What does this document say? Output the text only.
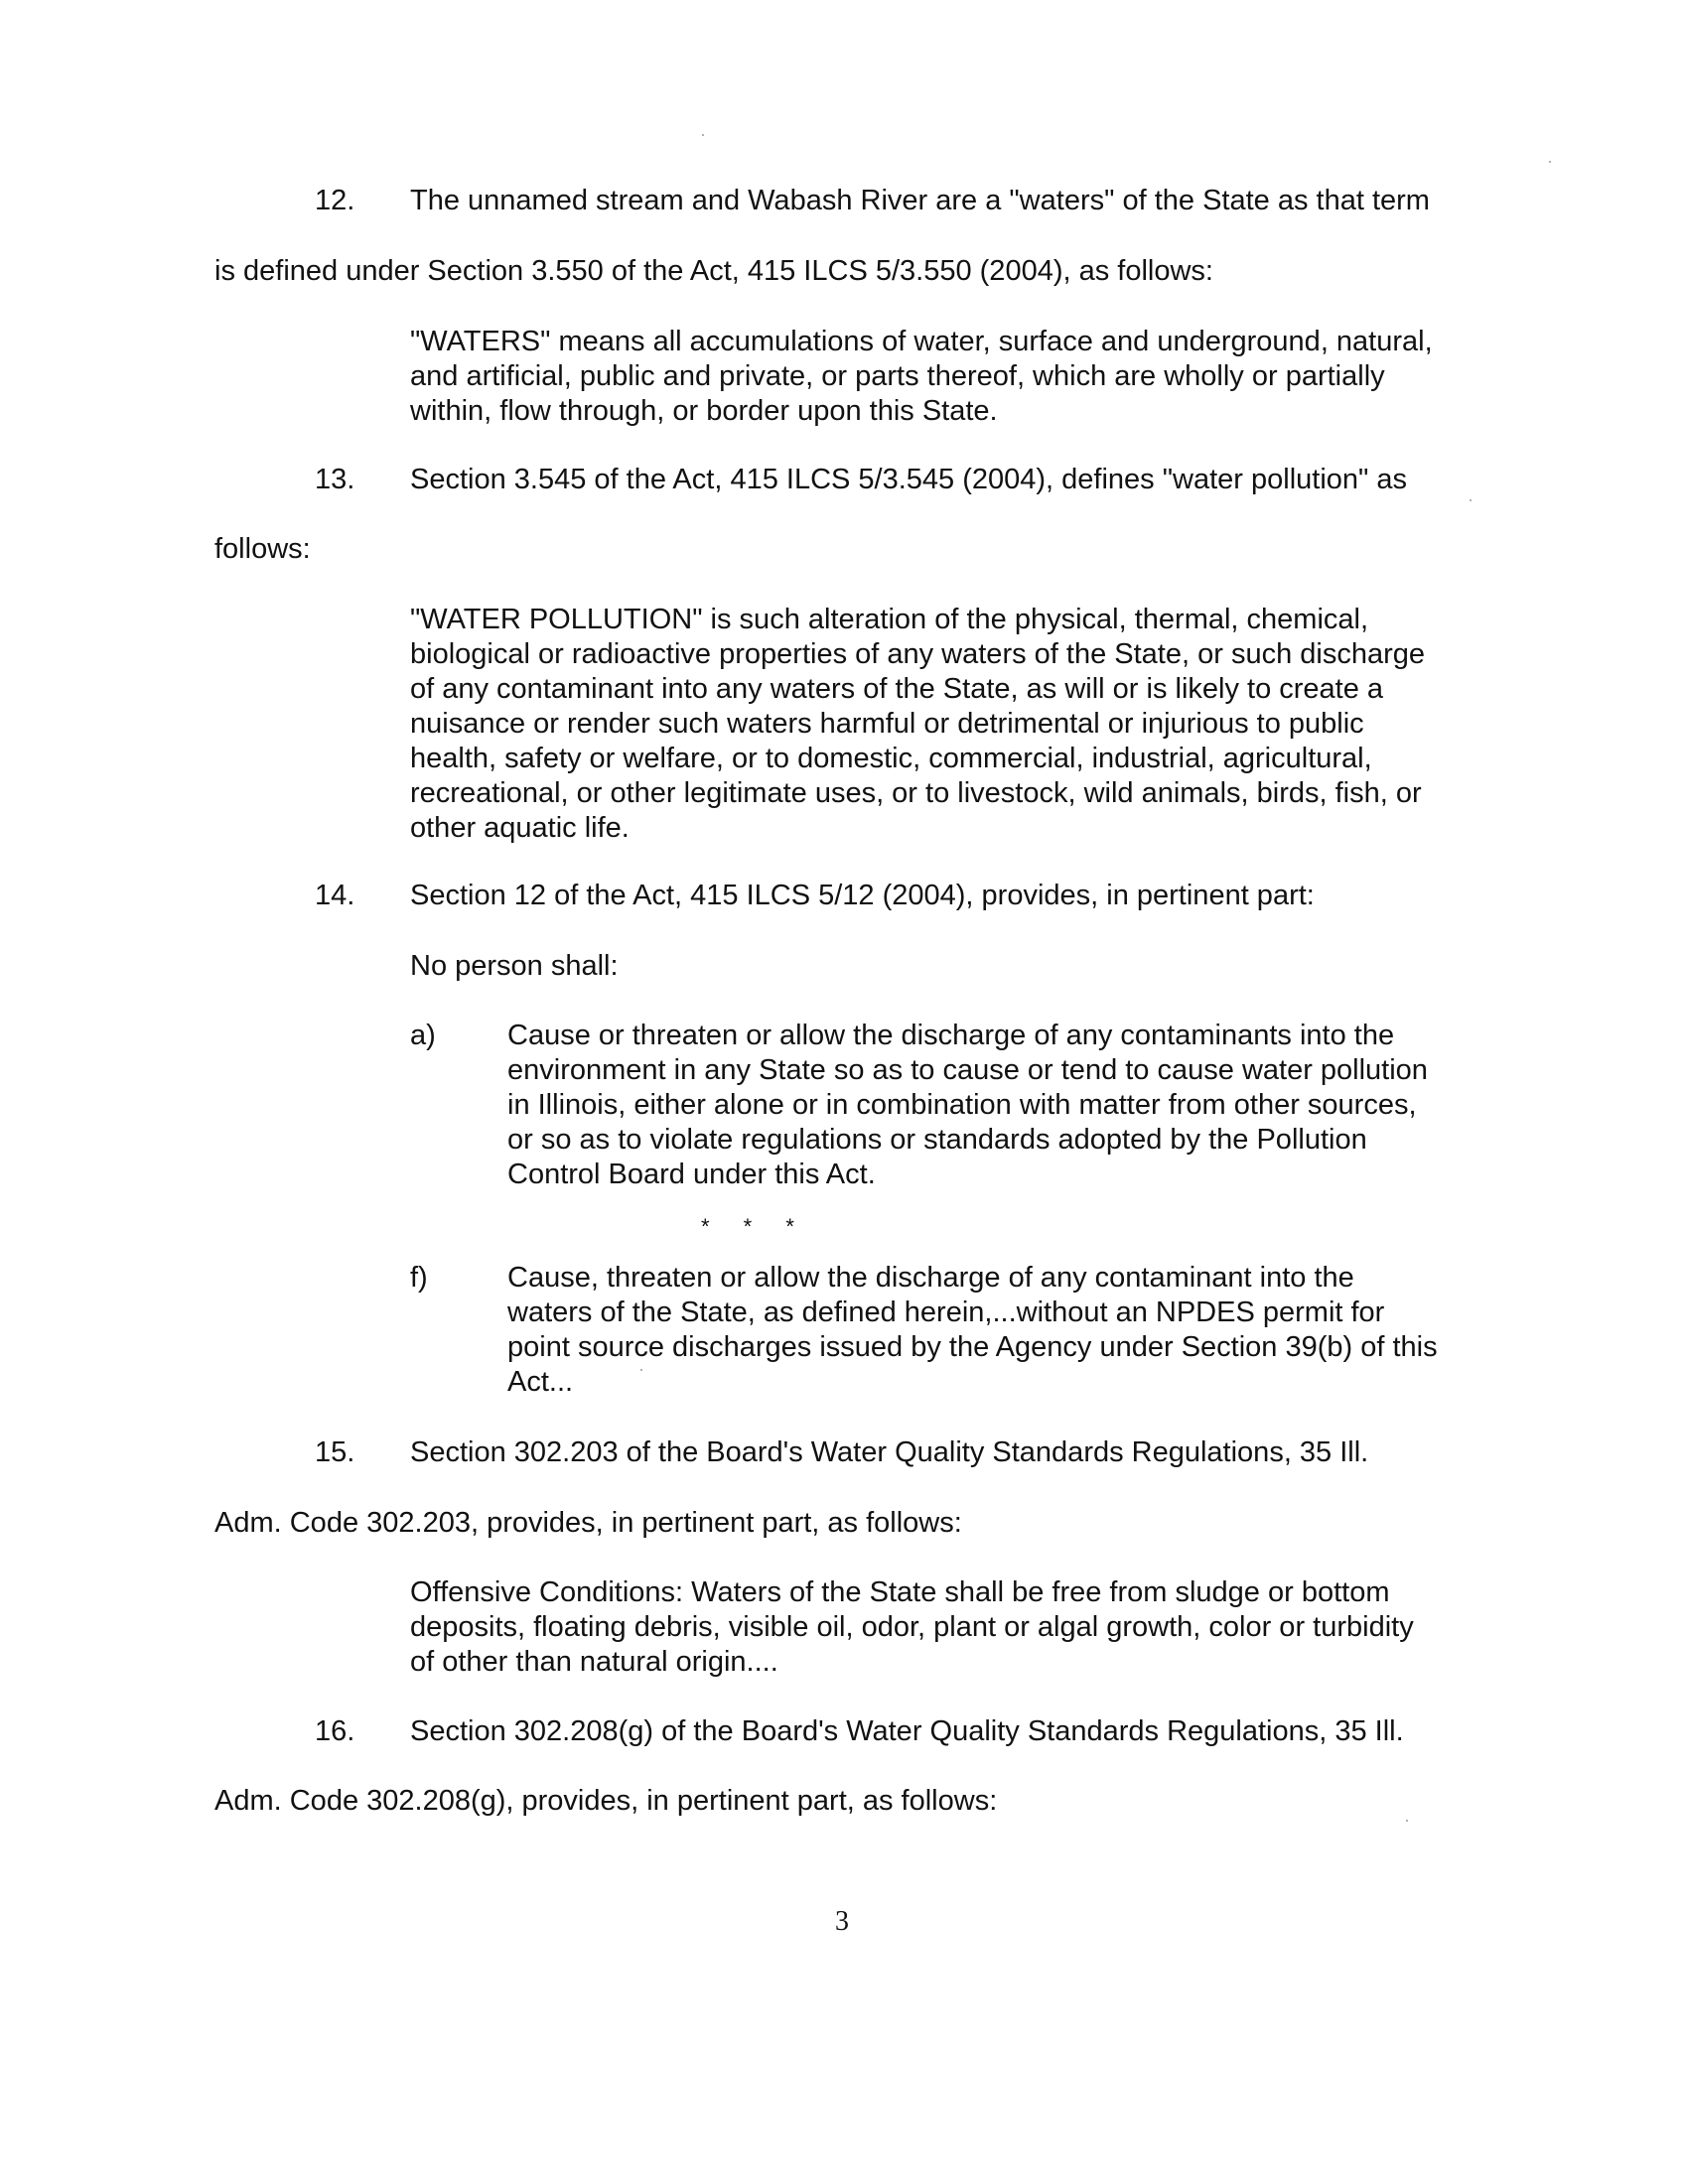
12. The unnamed stream and Wabash River are a "waters" of the State as that term
is defined under Section 3.550 of the Act, 415 ILCS 5/3.550 (2004), as follows:
"WATERS" means all accumulations of water, surface and underground, natural,
and artificial, public and private, or parts thereof, which are wholly or partially
within, flow through, or border upon this State.
13. Section 3.545 of the Act, 415 ILCS 5/3.545 (2004), defines "water pollution" as
follows:
"WATER POLLUTION" is such alteration of the physical, thermal, chemical,
biological or radioactive properties of any waters of the State, or such discharge
of any contaminant into any waters of the State, as will or is likely to create a
nuisance or render such waters harmful or detrimental or injurious to public
health, safety or welfare, or to domestic, commercial, industrial, agricultural,
recreational, or other legitimate uses, or to livestock, wild animals, birds, fish, or
other aquatic life.
14. Section 12 of the Act, 415 ILCS 5/12 (2004), provides, in pertinent part:
No person shall:
a) Cause or threaten or allow the discharge of any contaminants into the
environment in any State so as to cause or tend to cause water pollution
in Illinois, either alone or in combination with matter from other sources,
or so as to violate regulations or standards adopted by the Pollution
Control Board under this Act.
* * *
f)	Cause, threaten or allow the discharge of any contaminant into the
waters of the State, as defined herein,...without an NPDES permit for
point source discharges issued by the Agency under Section 39(b) of this
Act...
15. Section 302.203 of the Board's Water Quality Standards Regulations, 35 Ill.
Adm. Code 302.203, provides, in pertinent part, as follows:
Offensive Conditions: Waters of the State shall be free from sludge or bottom
deposits, floating debris, visible oil, odor, plant or algal growth, color or turbidity
of other than natural origin....
16. Section 302.208(g) of the Board's Water Quality Standards Regulations, 35 Ill.
Adm. Code 302.208(g), provides, in pertinent part, as follows:
3
